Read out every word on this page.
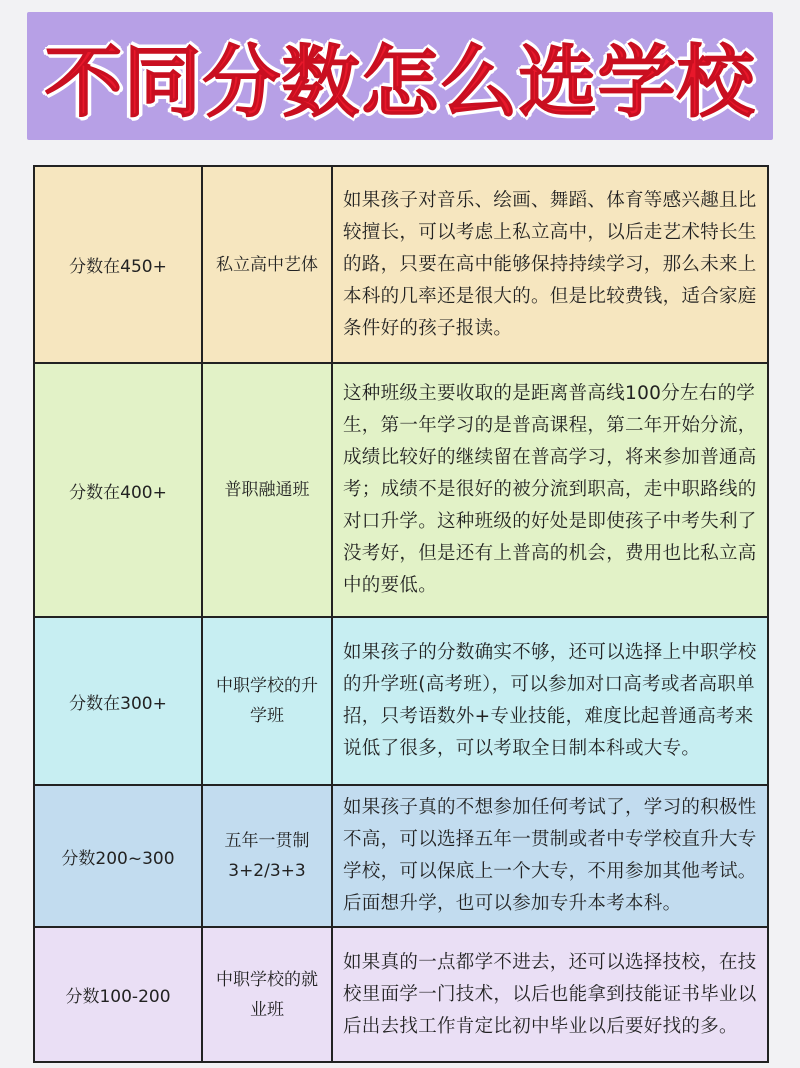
不同分数怎么选学校
分数在450+	私立高中艺体
如果孩子对音乐、绘画、舞蹈、体育等感兴趣且比较擅长，可以考虑上私立高中，以后走艺术特长生的路，只要在高中能够保持持续学习，那么未来上本科的几率还是很大的。但是比较费钱，适合家庭条件好的孩子报读。
分数在400+	普职融通班
这种班级主要收取的是距离普高线100分左右的学生，第一年学习的是普高课程，第二年开始分流，成绩比较好的继续留在普高学习，将来参加普通高考；成绩不是很好的被分流到职高，走中职路线的对口升学。这种班级的好处是即使孩子中考失利了没考好，但是还有上普高的机会，费用也比私立高中的要低。
分数在300+
中职学校的升学班
如果孩子的分数确实不够，还可以选择上中职学校的升学班(高考班），可以参加对口高考或者高职单招，只考语数外+专业技能，难度比起普通高考来说低了很多，可以考取全日制本科或大专。
分数200~300
五年一贯制3+2/3+3
如果孩子真的不想参加任何考试了，学习的积极性不高，可以选择五年一贯制或者中专学校直升大专学校，可以保底上一个大专，不用参加其他考试。后面想升学，也可以参加专升本考本科。
分数100-200
中职学校的就业班
如果真的一点都学不进去，还可以选择技校，在技校里面学一门技术，以后也能拿到技能证书毕业以后出去找工作肯定比初中毕业以后要好找的多。
